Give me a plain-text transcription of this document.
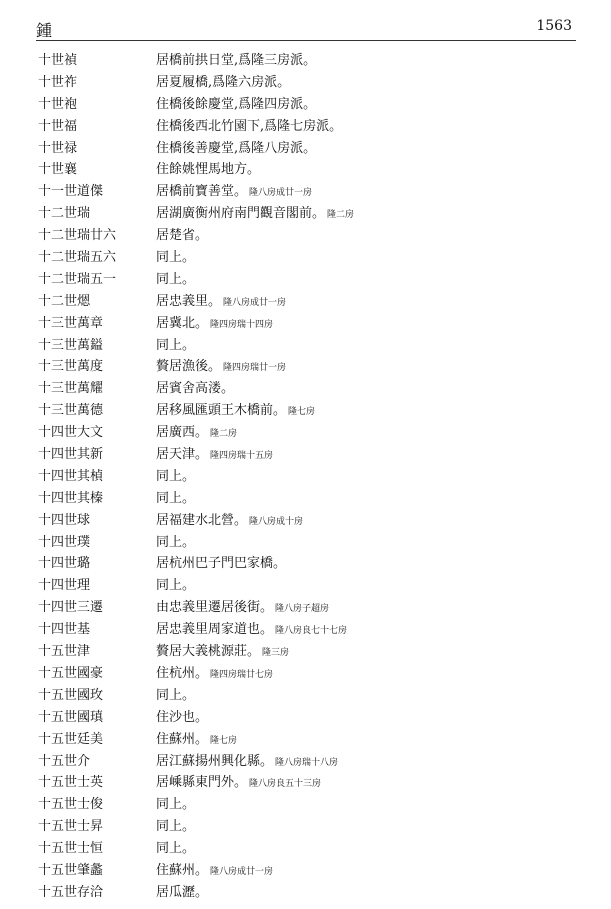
鍾	1563
十世禎	居橋前拱日堂,爲隆三房派。
十世祚	居夏履橋,爲隆六房派。
十世袍	住橋後餘慶堂,爲隆四房派。
十世福	住橋後西北竹園下,爲隆七房派。
十世禄	住橋後善慶堂,爲隆八房派。
十世襄	住餘姚悝馬地方。
十一世道傑	居橋前寶善堂。 隆八房成廿一房
十二世瑞	居湖廣衡州府南門觀音閣前。 隆二房
十二世瑞廿六	居楚省。
十二世瑞五六	同上。
十二世瑞五一	同上。
十二世煾	居忠義里。 隆八房成廿一房
十三世萬章	居冀北。 隆四房瑞十四房
十三世萬鎰	同上。
十三世萬度	贅居漁後。 隆四房瑞廿一房
十三世萬耀	居賓舍高溇。
十三世萬德	居移風匯頭王木橋前。 隆七房
十四世大文	居廣西。 隆二房
十四世其新	居天津。 隆四房瑞十五房
十四世其楨	同上。
十四世其榛	同上。
十四世球	居福建水北營。 隆八房成十房
十四世璞	同上。
十四世璐	居杭州巴子門巴家橋。
十四世理	同上。
十四世三遷	由忠義里遷居後街。 隆八房子超房
十四世基	居忠義里周家道也。 隆八房良七十七房
十五世津	贅居大義桃源莊。 隆三房
十五世國豪	住杭州。 隆四房瑞廿七房
十五世國玫	同上。
十五世國瑱	住沙也。
十五世廷美	住蘇州。 隆七房
十五世介	居江蘇揚州興化縣。 隆八房瑞十八房
十五世士英	居嵊縣東門外。 隆八房良五十三房
十五世士俊	同上。
十五世士昇	同上。
十五世士恒	同上。
十五世肇蠡	住蘇州。 隆八房成廿一房
十五世存洽	居瓜瀝。
